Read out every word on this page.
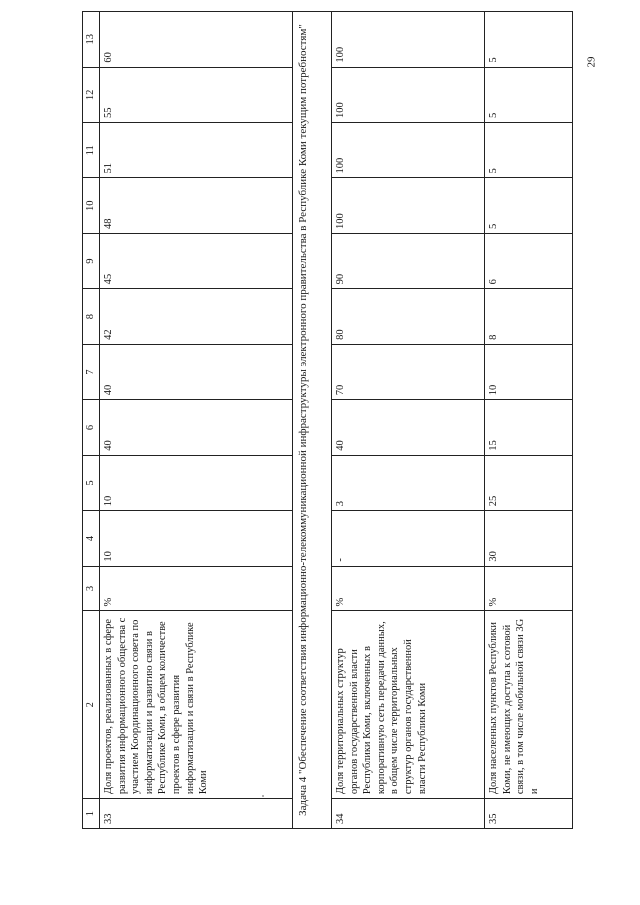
29
1	2	3	4	5	6	7	8	9	10	11	12	13
33	Доля проектов, реализованных в сфере развития информационного общества с участием Координационного совета по информатизации и развитию связи в Республике Коми, в общем количестве проектов в сфере развития информатизации и связи в Республике Коми	%	10	10	40	40	42	45	48	51	55	60
Задача 4 "Обеспечение соответствия информационно-телекоммуникационной инфраструктуры электронного правительства в Республике Коми текущим потребностям"												
34	Доля территориальных структур органов государственной власти Республики Коми, включенных в корпоративную сеть передачи данных, в общем числе территориальных структур органов государственной власти Республики Коми	%	-	3	40	70	80	90	100	100	100	100
35	Доля населенных пунктов Республики Коми, не имеющих доступа к сотовой связи, в том числе мобильной связи 3G и	%	30	25	15	10	8	6	5	5	5	5
